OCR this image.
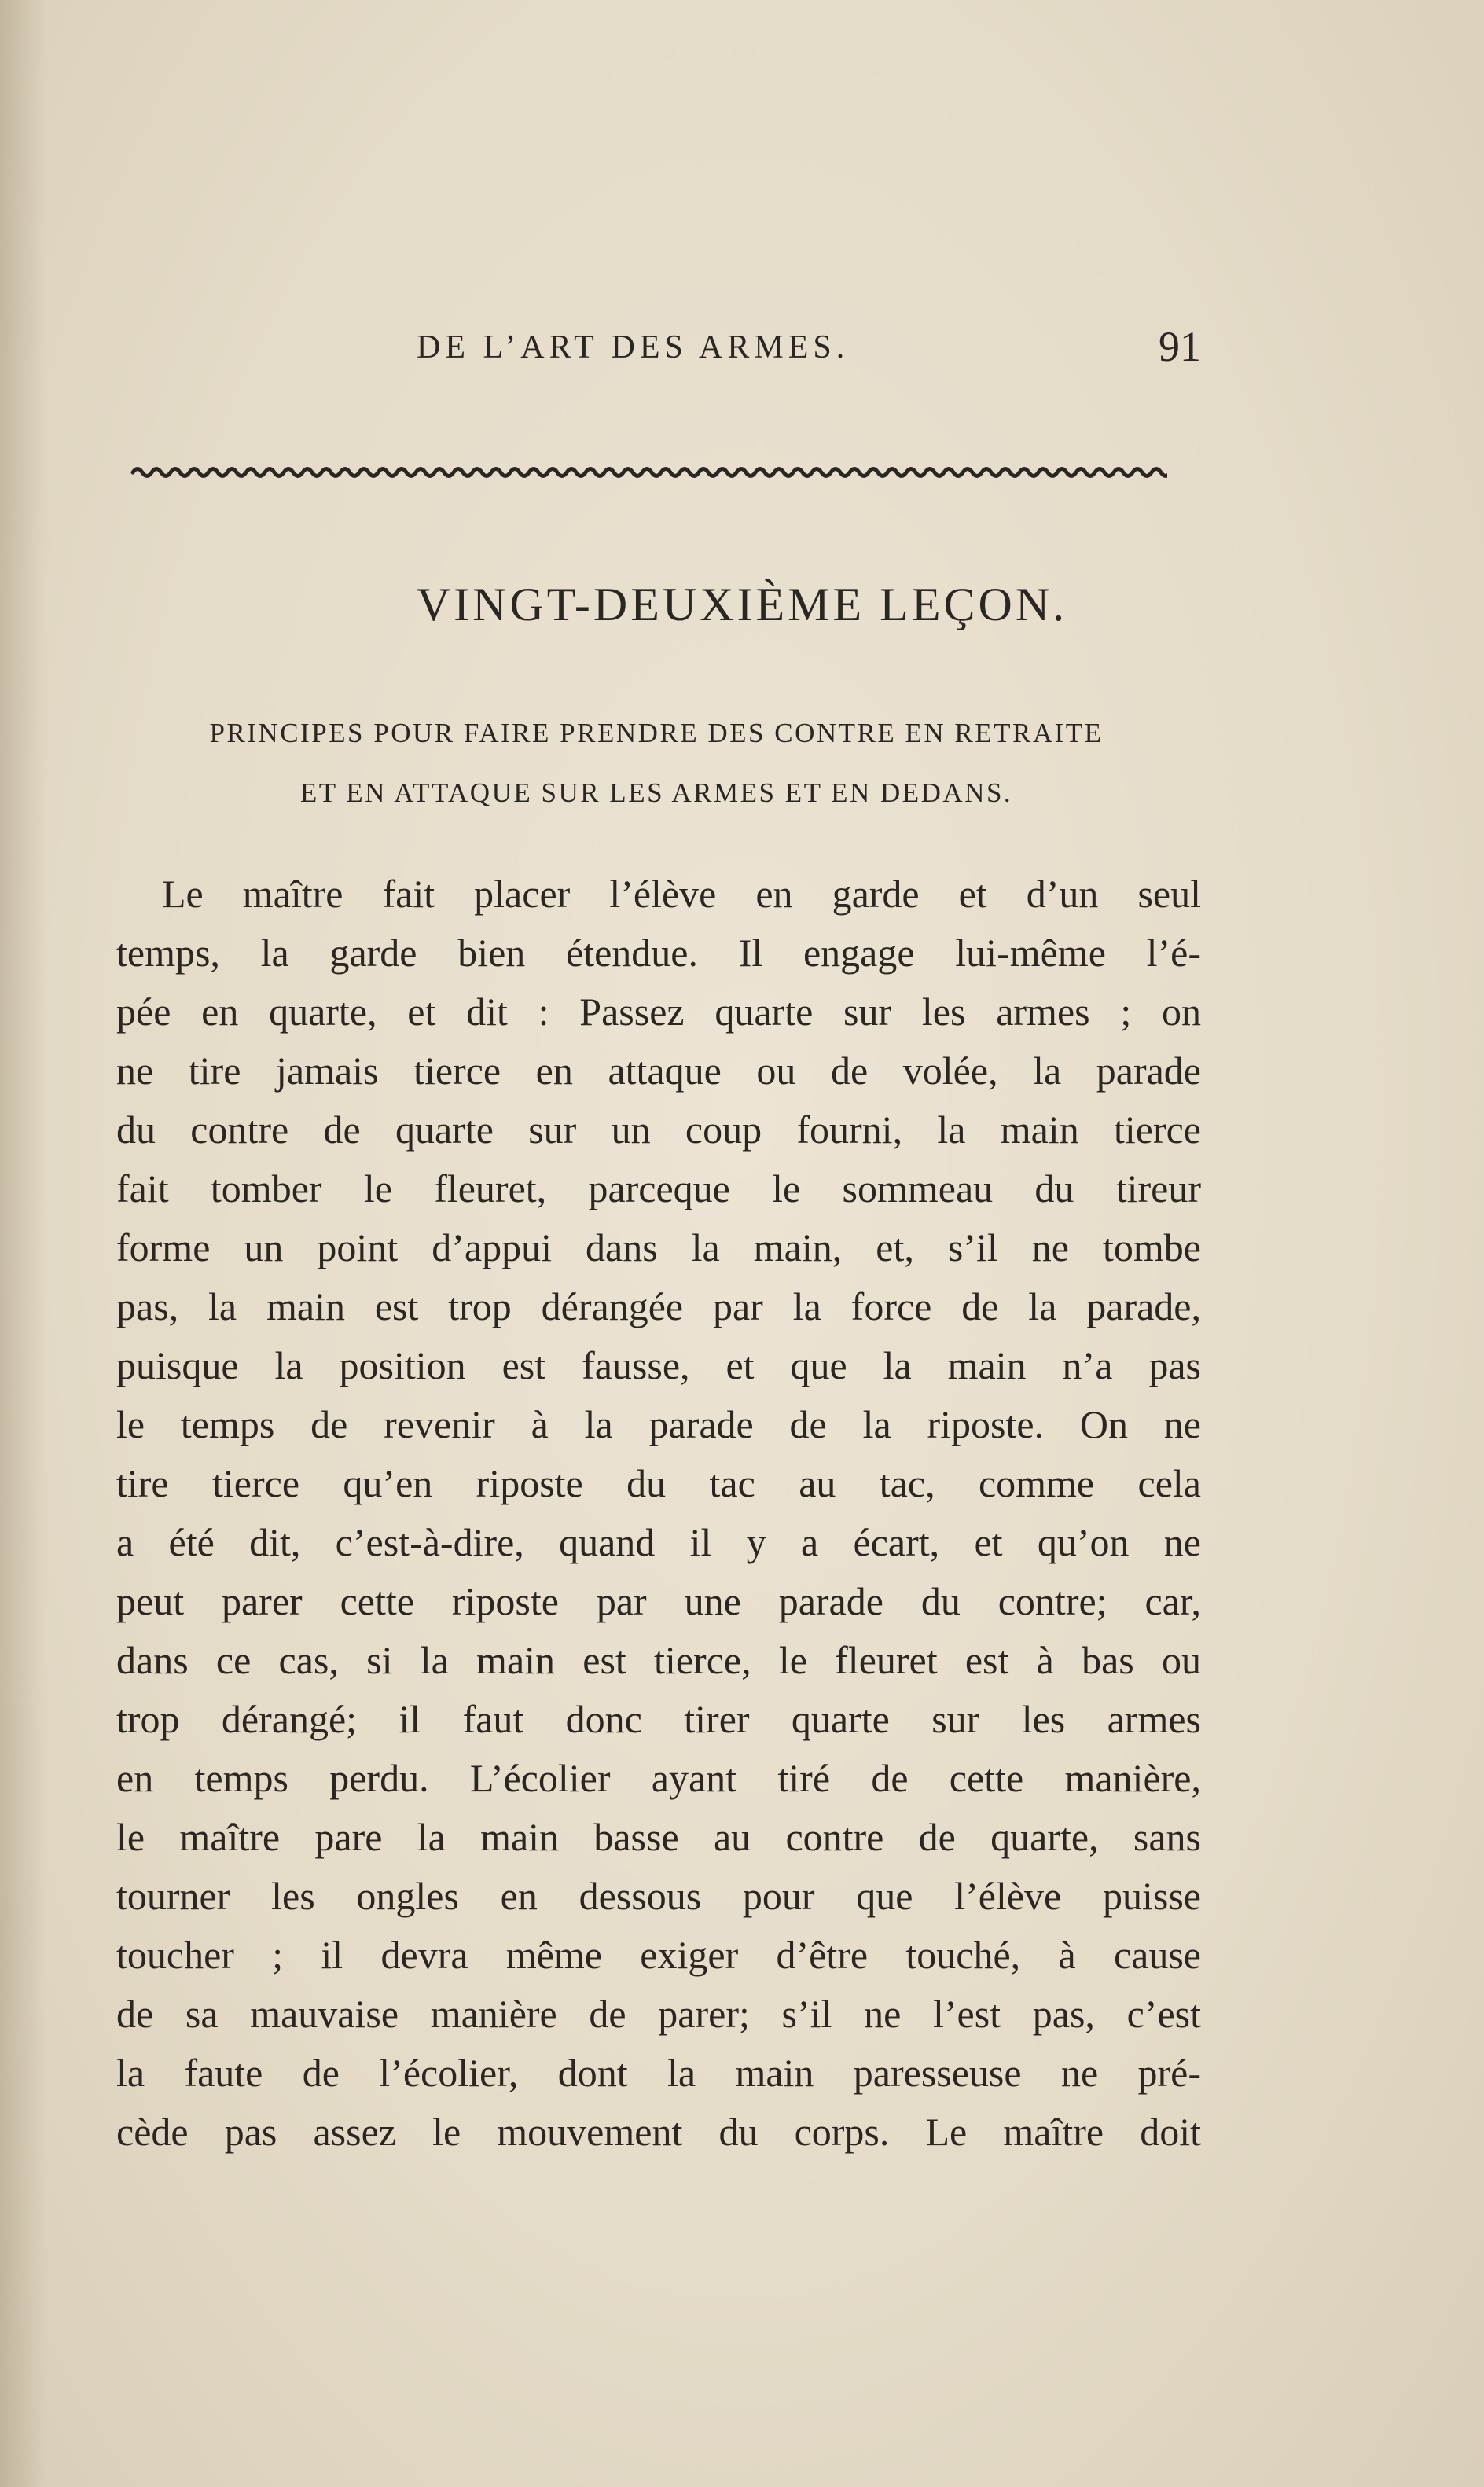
DE L’ART DES ARMES.	91
VINGT-DEUXIÈME LEÇON.
PRINCIPES POUR FAIRE PRENDRE DES CONTRE EN RETRAITE
ET EN ATTAQUE SUR LES ARMES ET EN DEDANS.
Le maître fait placer l’élève en garde et d’un seul
temps, la garde bien étendue. Il engage lui-même l’é-
pée en quarte, et dit : Passez quarte sur les armes ; on
ne tire jamais tierce en attaque ou de volée, la parade
du contre de quarte sur un coup fourni, la main tierce
fait tomber le fleuret, parceque le sommeau du tireur
forme un point d’appui dans la main, et, s’il ne tombe
pas, la main est trop dérangée par la force de la parade,
puisque la position est fausse, et que la main n’a pas
le temps de revenir à la parade de la riposte. On ne
tire tierce qu’en riposte du tac au tac, comme cela
a été dit, c’est-à-dire, quand il y a écart, et qu’on ne
peut parer cette riposte par une parade du contre; car,
dans ce cas, si la main est tierce, le fleuret est à bas ou
trop dérangé; il faut donc tirer quarte sur les armes
en temps perdu. L’écolier ayant tiré de cette manière,
le maître pare la main basse au contre de quarte, sans
tourner les ongles en dessous pour que l’élève puisse
toucher ; il devra même exiger d’être touché, à cause
de sa mauvaise manière de parer; s’il ne l’est pas, c’est
la faute de l’écolier, dont la main paresseuse ne pré-
cède pas assez le mouvement du corps. Le maître doit
